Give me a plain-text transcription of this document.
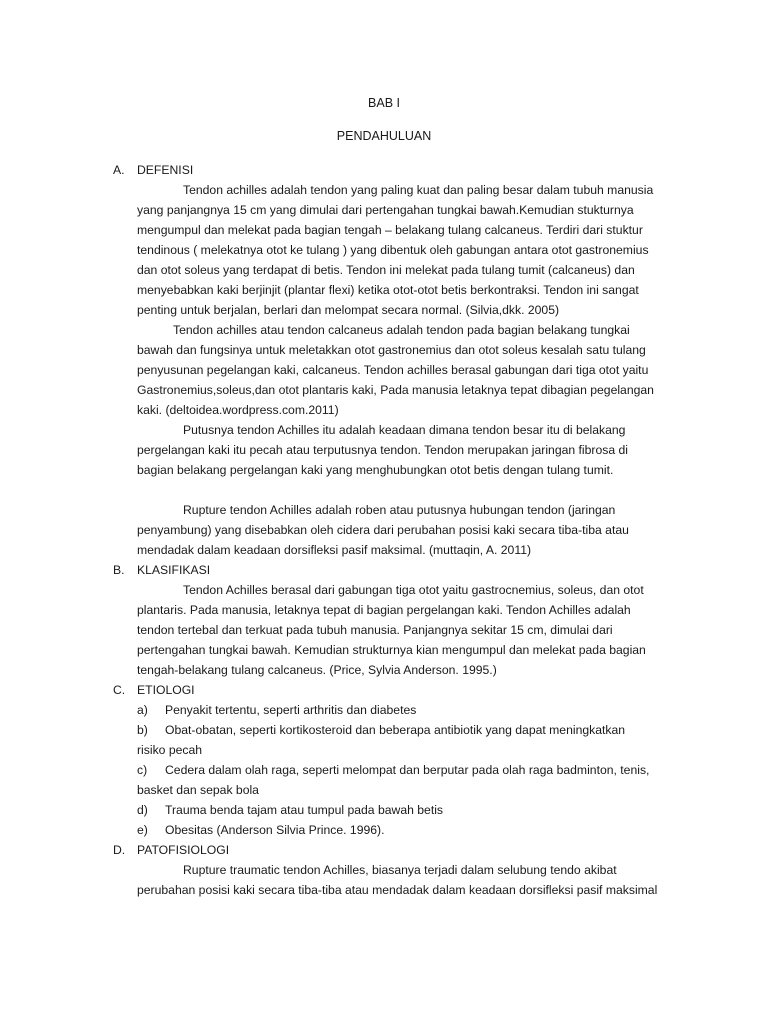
BAB I
PENDAHULUAN
A. DEFENISI
Tendon achilles adalah tendon yang paling kuat dan paling besar dalam tubuh manusia
yang panjangnya 15 cm yang dimulai dari pertengahan tungkai bawah.Kemudian stukturnya
mengumpul dan melekat pada bagian tengah – belakang tulang calcaneus. Terdiri dari stuktur
tendinous ( melekatnya otot ke tulang ) yang dibentuk oleh gabungan antara otot gastronemius
dan otot soleus yang terdapat di betis. Tendon ini melekat pada tulang tumit (calcaneus) dan
menyebabkan kaki berjinjit (plantar flexi) ketika otot-otot betis berkontraksi. Tendon ini sangat
penting untuk berjalan, berlari dan melompat secara normal. (Silvia,dkk. 2005)
Tendon achilles atau tendon calcaneus adalah tendon pada bagian belakang tungkai
bawah dan fungsinya untuk meletakkan otot gastronemius dan otot soleus kesalah satu tulang
penyusunan pegelangan kaki, calcaneus. Tendon achilles berasal gabungan dari tiga otot yaitu
Gastronemius,soleus,dan otot plantaris kaki, Pada manusia letaknya tepat dibagian pegelangan
kaki. (deltoidea.wordpress.com.2011)
Putusnya tendon Achilles itu adalah keadaan dimana tendon besar itu di belakang
pergelangan kaki itu pecah atau terputusnya tendon. Tendon merupakan jaringan fibrosa di
bagian belakang pergelangan kaki yang menghubungkan otot betis dengan tulang tumit.
Rupture tendon Achilles adalah roben atau putusnya hubungan tendon (jaringan
penyambung) yang disebabkan oleh cidera dari perubahan posisi kaki secara tiba-tiba atau
mendadak dalam keadaan dorsifleksi pasif maksimal. (muttaqin, A. 2011)
B. KLASIFIKASI
Tendon Achilles berasal dari gabungan tiga otot yaitu gastrocnemius, soleus, dan otot
plantaris. Pada manusia, letaknya tepat di bagian pergelangan kaki. Tendon Achilles adalah
tendon tertebal dan terkuat pada tubuh manusia. Panjangnya sekitar 15 cm, dimulai dari
pertengahan tungkai bawah. Kemudian strukturnya kian mengumpul dan melekat pada bagian
tengah-belakang tulang calcaneus. (Price, Sylvia Anderson. 1995.)
C. ETIOLOGI
a) Penyakit tertentu, seperti arthritis dan diabetes
b) Obat-obatan, seperti kortikosteroid dan beberapa antibiotik yang dapat meningkatkan
risiko pecah
c) Cedera dalam olah raga, seperti melompat dan berputar pada olah raga badminton, tenis,
basket dan sepak bola
d) Trauma benda tajam atau tumpul pada bawah betis
e) Obesitas (Anderson Silvia Prince. 1996).
D. PATOFISIOLOGI
Rupture traumatic tendon Achilles, biasanya terjadi dalam selubung tendo akibat
perubahan posisi kaki secara tiba-tiba atau mendadak dalam keadaan dorsifleksi pasif maksimal
